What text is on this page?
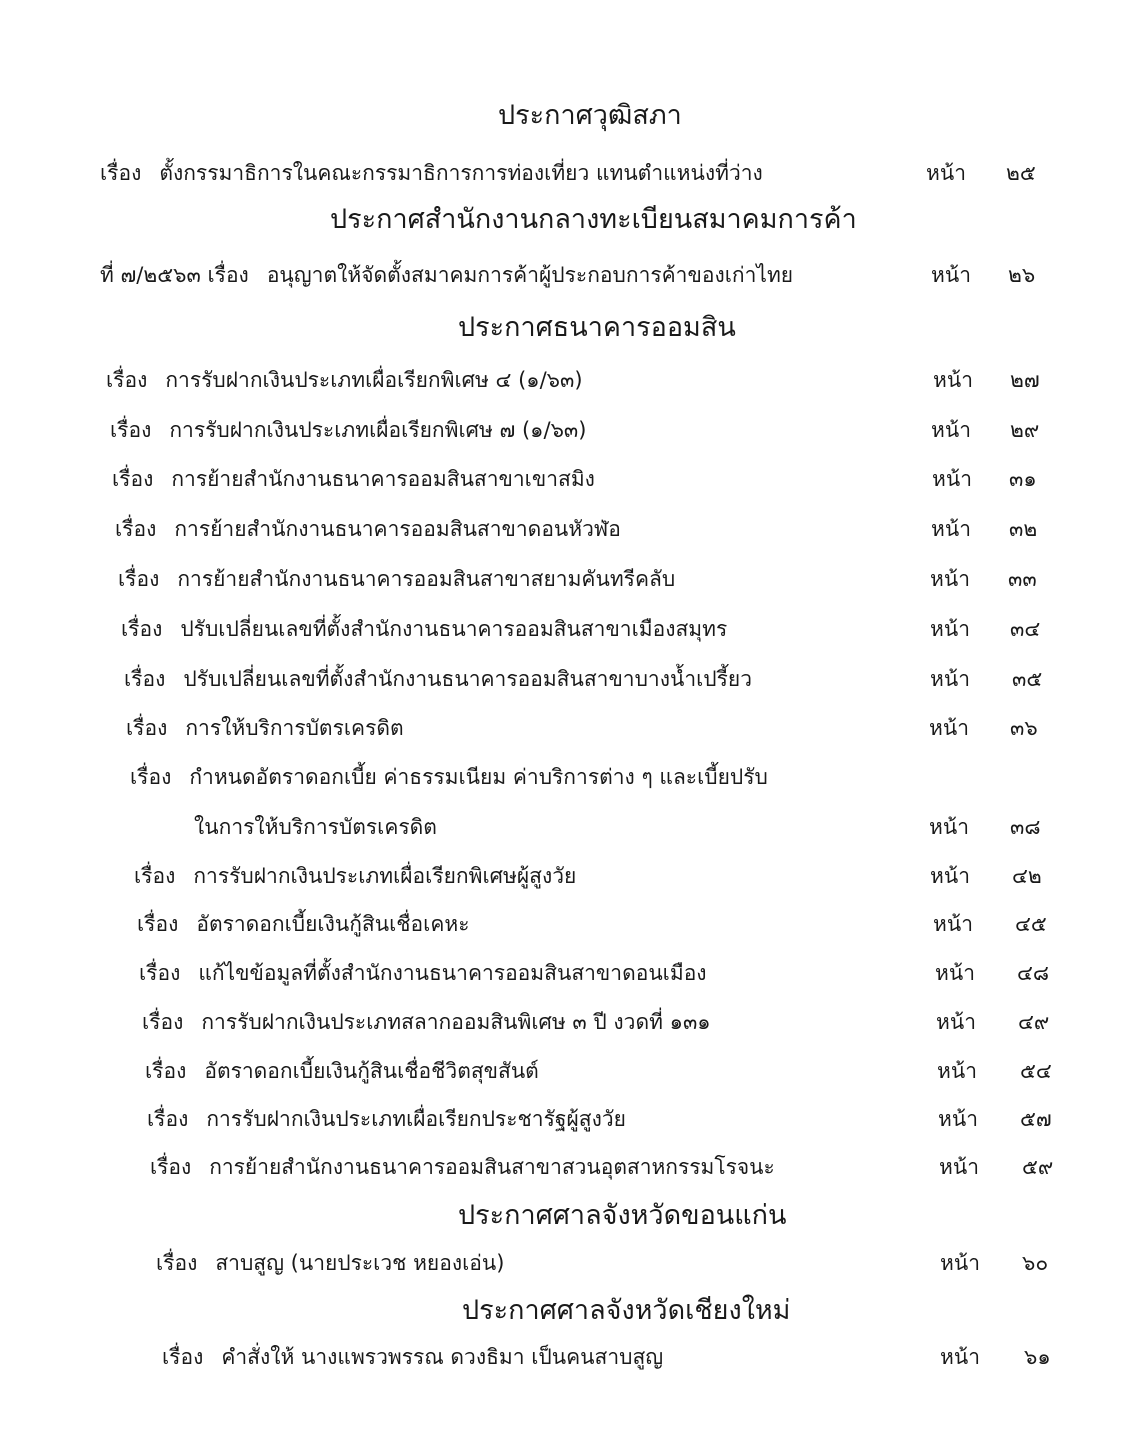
ประกาศวุฒิสภา
เรื่อง ตั้งกรรมาธิการในคณะกรรมาธิการการท่องเที่ยว แทนตำแหน่งที่ว่าง	หน้า ๒๕
ประกาศสำนักงานกลางทะเบียนสมาคมการค้า
ที่ ๗/๒๕๖๓ เรื่อง อนุญาตให้จัดตั้งสมาคมการค้าผู้ประกอบการค้าของเก่าไทย	หน้า ๒๖
ประกาศธนาคารออมสิน
เรื่อง การรับฝากเงินประเภทเผื่อเรียกพิเศษ ๔ (๑/๖๓)	หน้า ๒๗
เรื่อง การรับฝากเงินประเภทเผื่อเรียกพิเศษ ๗ (๑/๖๓)	หน้า ๒๙
เรื่อง การย้ายสำนักงานธนาคารออมสินสาขาเขาสมิง	หน้า ๓๑
เรื่อง การย้ายสำนักงานธนาคารออมสินสาขาดอนหัวฬ่อ	หน้า ๓๒
เรื่อง การย้ายสำนักงานธนาคารออมสินสาขาสยามคันทรีคลับ	หน้า ๓๓
เรื่อง ปรับเปลี่ยนเลขที่ตั้งสำนักงานธนาคารออมสินสาขาเมืองสมุทร	หน้า ๓๔
เรื่อง ปรับเปลี่ยนเลขที่ตั้งสำนักงานธนาคารออมสินสาขาบางน้ำเปรี้ยว	หน้า ๓๕
เรื่อง การให้บริการบัตรเครดิต	หน้า ๓๖
เรื่อง กำหนดอัตราดอกเบี้ย ค่าธรรมเนียม ค่าบริการต่าง ๆ และเบี้ยปรับ
ในการให้บริการบัตรเครดิต	หน้า ๓๘
เรื่อง การรับฝากเงินประเภทเผื่อเรียกพิเศษผู้สูงวัย	หน้า ๔๒
เรื่อง อัตราดอกเบี้ยเงินกู้สินเชื่อเคหะ	หน้า ๔๕
เรื่อง แก้ไขข้อมูลที่ตั้งสำนักงานธนาคารออมสินสาขาดอนเมือง	หน้า ๔๘
เรื่อง การรับฝากเงินประเภทสลากออมสินพิเศษ ๓ ปี งวดที่ ๑๓๑	หน้า ๔๙
เรื่อง อัตราดอกเบี้ยเงินกู้สินเชื่อชีวิตสุขสันต์	หน้า ๕๔
เรื่อง การรับฝากเงินประเภทเผื่อเรียกประชารัฐผู้สูงวัย	หน้า ๕๗
เรื่อง การย้ายสำนักงานธนาคารออมสินสาขาสวนอุตสาหกรรมโรจนะ	หน้า ๕๙
ประกาศศาลจังหวัดขอนแก่น
เรื่อง สาบสูญ (นายประเวช หยองเอ่น)	หน้า ๖๐
ประกาศศาลจังหวัดเชียงใหม่
เรื่อง คำสั่งให้ นางแพรวพรรณ ดวงธิมา เป็นคนสาบสูญ	หน้า ๖๑
